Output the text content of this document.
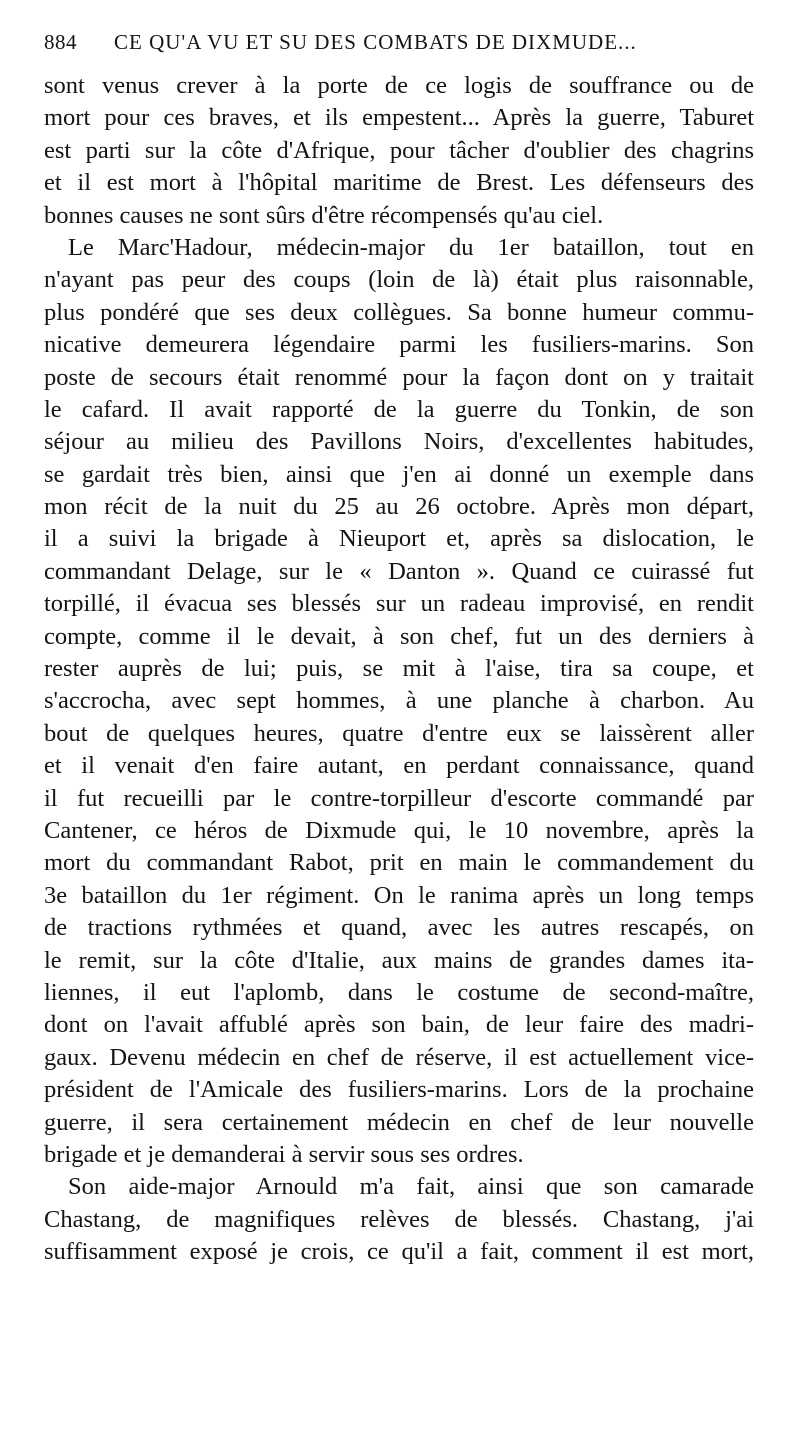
884	CE QU'A VU ET SU DES COMBATS DE DIXMUDE...
sont venus crever à la porte de ce logis de souffrance ou de
mort pour ces braves, et ils empestent... Après la guerre, Taburet
est parti sur la côte d'Afrique, pour tâcher d'oublier des chagrins
et il est mort à l'hôpital maritime de Brest. Les défenseurs des
bonnes causes ne sont sûrs d'être récompensés qu'au ciel.
Le Marc'Hadour, médecin-major du 1er bataillon, tout en
n'ayant pas peur des coups (loin de là) était plus raisonnable,
plus pondéré que ses deux collègues. Sa bonne humeur commu-
nicative demeurera légendaire parmi les fusiliers-marins. Son
poste de secours était renommé pour la façon dont on y traitait
le cafard. Il avait rapporté de la guerre du Tonkin, de son
séjour au milieu des Pavillons Noirs, d'excellentes habitudes,
se gardait très bien, ainsi que j'en ai donné un exemple dans
mon récit de la nuit du 25 au 26 octobre. Après mon départ,
il a suivi la brigade à Nieuport et, après sa dislocation, le
commandant Delage, sur le « Danton ». Quand ce cuirassé fut
torpillé, il évacua ses blessés sur un radeau improvisé, en rendit
compte, comme il le devait, à son chef, fut un des derniers à
rester auprès de lui; puis, se mit à l'aise, tira sa coupe, et
s'accrocha, avec sept hommes, à une planche à charbon. Au
bout de quelques heures, quatre d'entre eux se laissèrent aller
et il venait d'en faire autant, en perdant connaissance, quand
il fut recueilli par le contre-torpilleur d'escorte commandé par
Cantener, ce héros de Dixmude qui, le 10 novembre, après la
mort du commandant Rabot, prit en main le commandement du
3e bataillon du 1er régiment. On le ranima après un long temps
de tractions rythmées et quand, avec les autres rescapés, on
le remit, sur la côte d'Italie, aux mains de grandes dames ita-
liennes, il eut l'aplomb, dans le costume de second-maître,
dont on l'avait affublé après son bain, de leur faire des madri-
gaux. Devenu médecin en chef de réserve, il est actuellement vice-
président de l'Amicale des fusiliers-marins. Lors de la prochaine
guerre, il sera certainement médecin en chef de leur nouvelle
brigade et je demanderai à servir sous ses ordres.
Son aide-major Arnould m'a fait, ainsi que son camarade
Chastang, de magnifiques relèves de blessés. Chastang, j'ai
suffisamment exposé je crois, ce qu'il a fait, comment il est mort,
